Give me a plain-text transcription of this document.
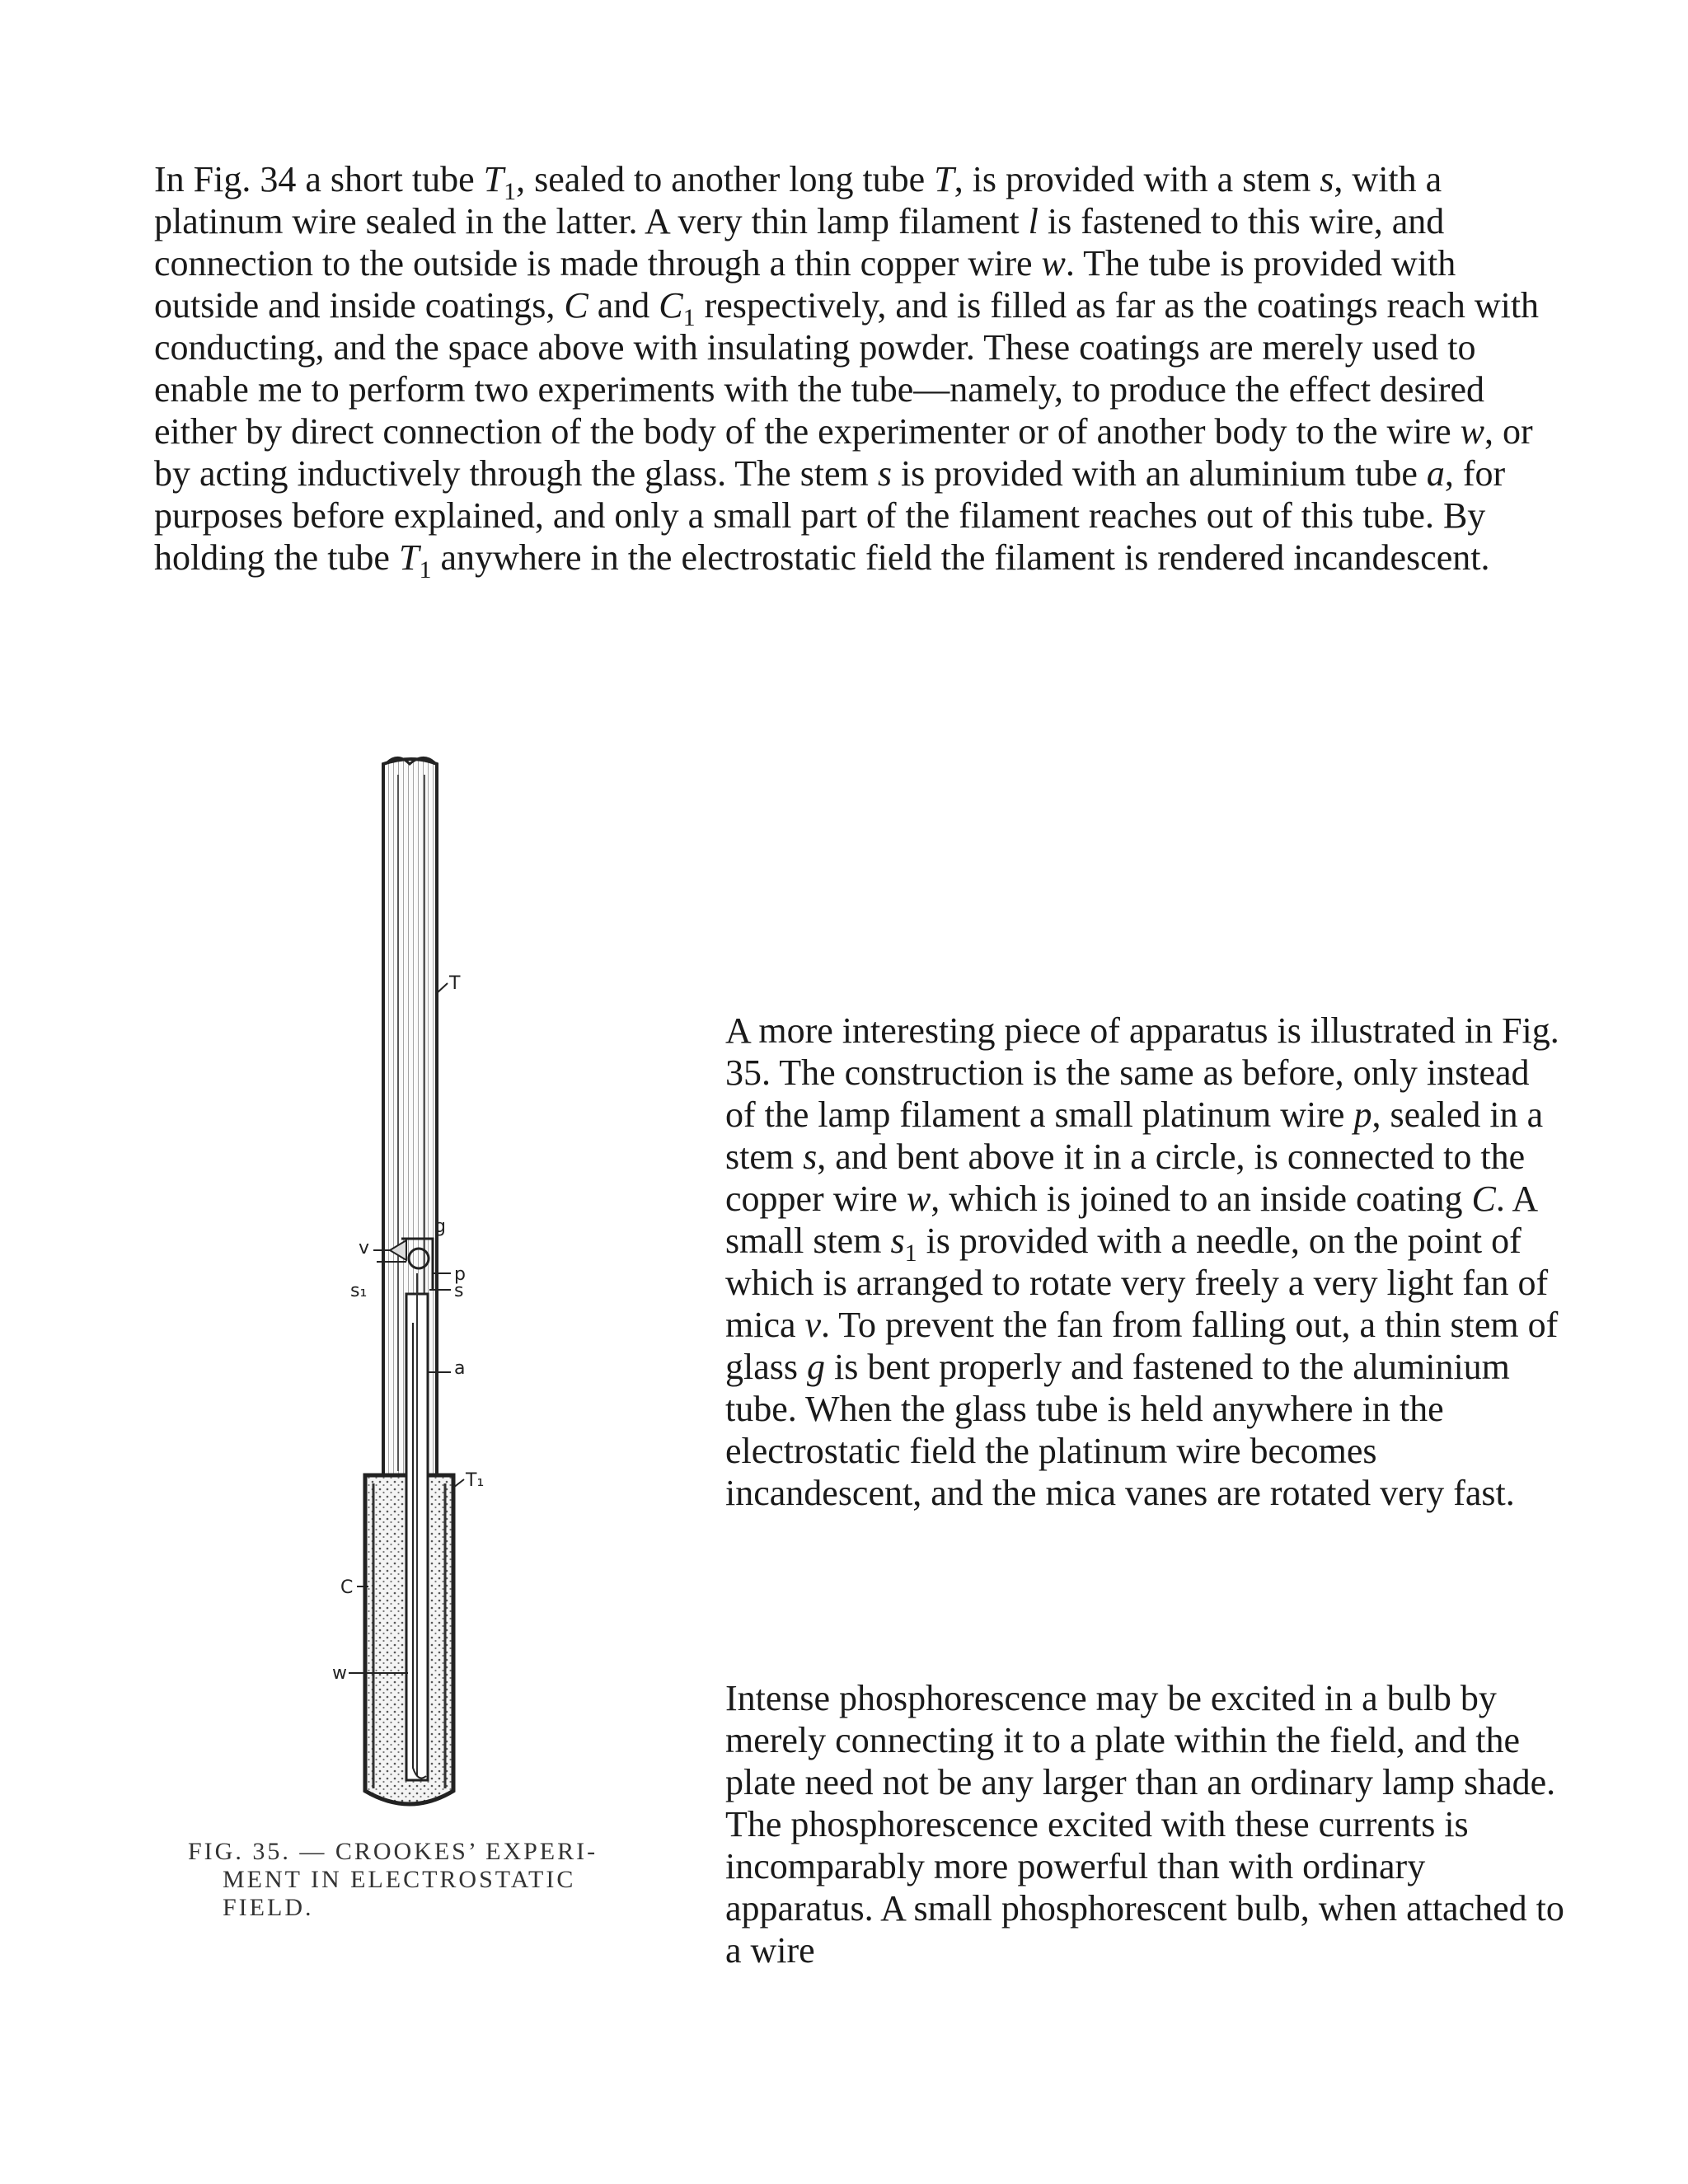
In Fig. 34 a short tube $T_1$, sealed to another long tube T, is provided with a stem s, with a platinum wire sealed in the latter. A very thin lamp filament l is fastened to this wire, and connection to the outside is made through a thin copper wire w. The tube is provided with outside and inside coatings, C and $C_1$ respectively, and is filled as far as the coatings reach with conducting, and the space above with insulating powder. These coatings are merely used to enable me to perform two experiments with the tube—namely, to produce the effect desired either by direct connection of the body of the experimenter or of another body to the wire w, or by acting inductively through the glass. The stem s is provided with an aluminium tube a, for purposes before explained, and only a small part of the filament reaches out of this tube. By holding the tube $T_1$ anywhere in the electrostatic field the filament is rendered incandescent.

T
g
p
v
s₁	s
a
T₁
C
w

FIG. 35. — CROOKES’ EXPERI-
MENT IN ELECTROSTATIC
FIELD.

A more interesting piece of apparatus is illustrated in Fig. 35. The construction is the same as before, only instead of the lamp filament a small platinum wire p, sealed in a stem s, and bent above it in a circle, is connected to the copper wire w, which is joined to an inside coating C. A small stem $s_1$ is provided with a needle, on the point of which is arranged to rotate very freely a very light fan of mica v. To prevent the fan from falling out, a thin stem of glass g is bent properly and fastened to the aluminium tube. When the glass tube is held anywhere in the electrostatic field the platinum wire becomes incandescent, and the mica vanes are rotated very fast.

Intense phosphorescence may be excited in a bulb by merely connecting it to a plate within the field, and the plate need not be any larger than an ordinary lamp shade. The phosphorescence excited with these currents is incomparably more powerful than with ordinary apparatus. A small phosphorescent bulb, when attached to a wire
